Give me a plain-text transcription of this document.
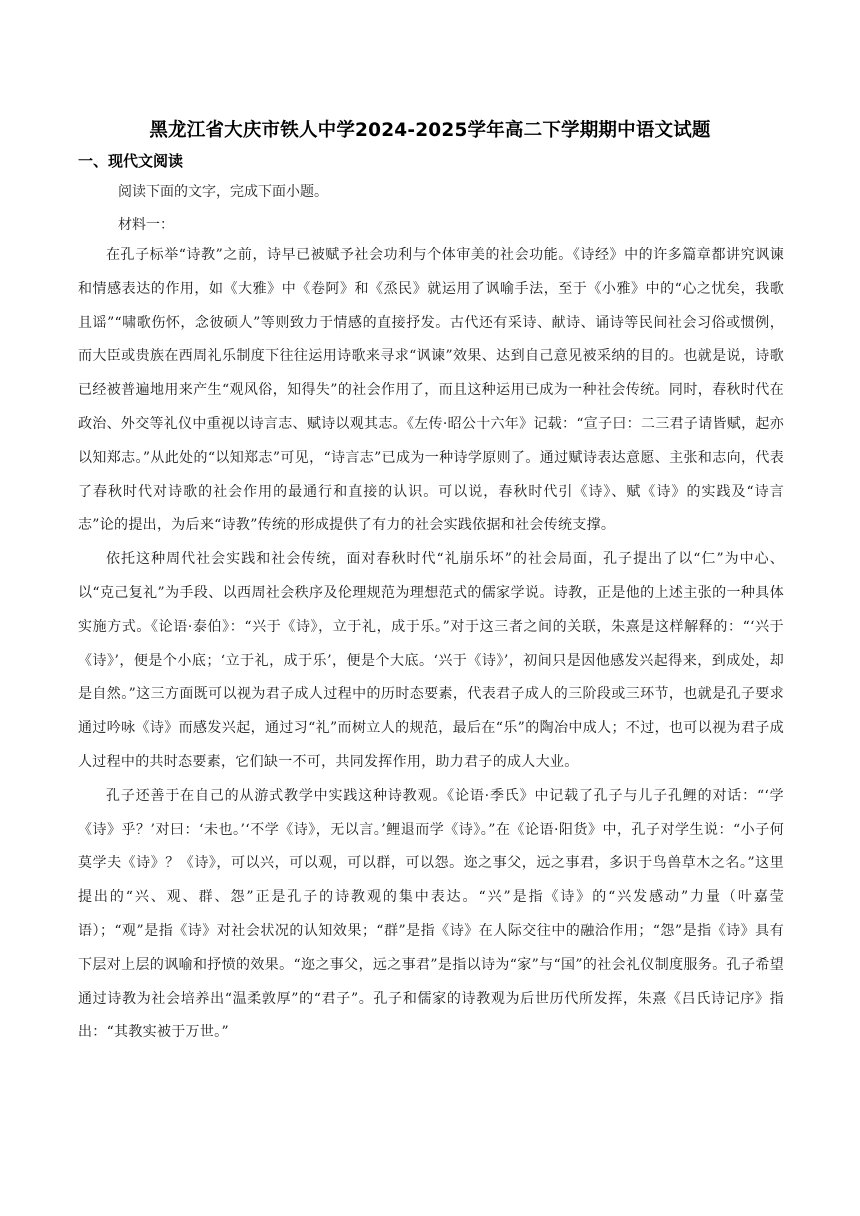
黑龙江省大庆市铁人中学2024-2025学年高二下学期期中语文试题
一、现代文阅读
阅读下面的文字，完成下面小题。
材料一：

在孔子标举“诗教”之前，诗早已被赋予社会功利与个体审美的社会功能。《诗经》中的许多篇章都讲究讽谏和情感表达的作用，如《大雅》中《卷阿》和《烝民》就运用了讽喻手法，至于《小雅》中的“心之忧矣，我歌且谣”“啸歌伤怀，念彼硕人”等则致力于情感的直接抒发。古代还有采诗、献诗、诵诗等民间社会习俗或惯例，而大臣或贵族在西周礼乐制度下往往运用诗歌来寻求“讽谏”效果、达到自己意见被采纳的目的。也就是说，诗歌已经被普遍地用来产生“观风俗，知得失”的社会作用了，而且这种运用已成为一种社会传统。同时，春秋时代在政治、外交等礼仪中重视以诗言志、赋诗以观其志。《左传·昭公十六年》记载：“宣子曰：二三君子请皆赋，起亦以知郑志。”从此处的“以知郑志”可见，“诗言志”已成为一种诗学原则了。通过赋诗表达意愿、主张和志向，代表了春秋时代对诗歌的社会作用的最通行和直接的认识。可以说，春秋时代引《诗》、赋《诗》的实践及“诗言志”论的提出，为后来“诗教”传统的形成提供了有力的社会实践依据和社会传统支撑。

依托这种周代社会实践和社会传统，面对春秋时代“礼崩乐坏”的社会局面，孔子提出了以“仁”为中心、以“克己复礼”为手段、以西周社会秩序及伦理规范为理想范式的儒家学说。诗教，正是他的上述主张的一种具体实施方式。《论语·泰伯》：“兴于《诗》，立于礼，成于乐。”对于这三者之间的关联，朱熹是这样解释的：“‘兴于《诗》’，便是个小底；‘立于礼，成于乐’，便是个大底。‘兴于《诗》’，初间只是因他感发兴起得来，到成处，却是自然。”这三方面既可以视为君子成人过程中的历时态要素，代表君子成人的三阶段或三环节，也就是孔子要求通过吟咏《诗》而感发兴起，通过习“礼”而树立人的规范，最后在“乐”的陶冶中成人；不过，也可以视为君子成人过程中的共时态要素，它们缺一不可，共同发挥作用，助力君子的成人大业。

孔子还善于在自己的从游式教学中实践这种诗教观。《论语·季氏》中记载了孔子与儿子孔鲤的对话：“‘学《诗》乎？’对曰：‘未也。’‘不学《诗》，无以言。’鲤退而学《诗》。”在《论语·阳货》中，孔子对学生说：“小子何莫学夫《诗》？《诗》，可以兴，可以观，可以群，可以怨。迩之事父，远之事君，多识于鸟兽草木之名。”这里提出的“兴、观、群、怨”正是孔子的诗教观的集中表达。“兴”是指《诗》的“兴发感动”力量（叶嘉莹语）；“观”是指《诗》对社会状况的认知效果；“群”是指《诗》在人际交往中的融洽作用；“怨”是指《诗》具有下层对上层的讽喻和抒愤的效果。“迩之事父，远之事君”是指以诗为“家”与“国”的社会礼仪制度服务。孔子希望通过诗教为社会培养出“温柔敦厚”的“君子”。孔子和儒家的诗教观为后世历代所发挥，朱熹《吕氏诗记序》指出：“其教实被于万世。”
